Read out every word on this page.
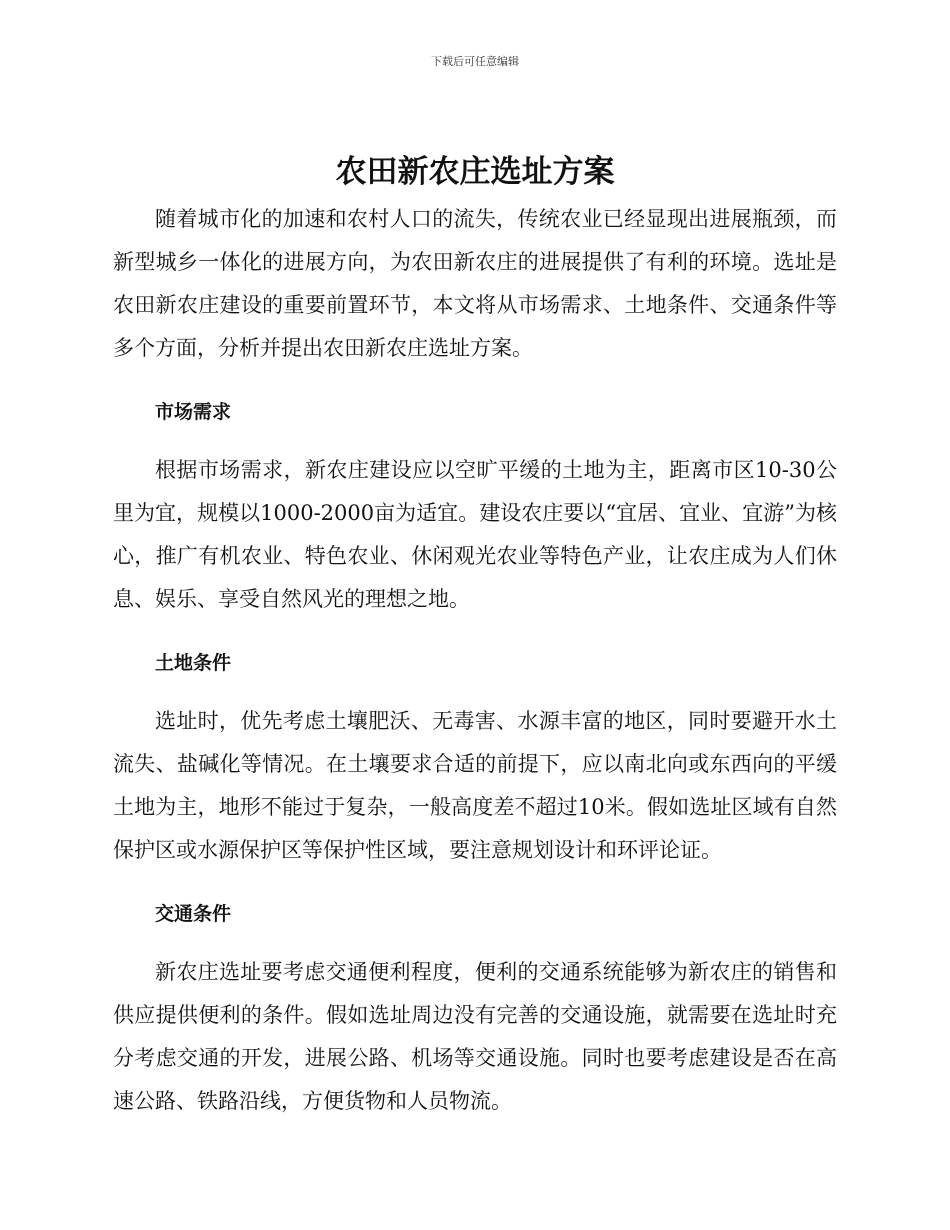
下载后可任意编辑
农田新农庄选址方案

随着城市化的加速和农村人口的流失，传统农业已经显现出进展瓶颈，而新型城乡一体化的进展方向，为农田新农庄的进展提供了有利的环境。选址是农田新农庄建设的重要前置环节，本文将从市场需求、土地条件、交通条件等多个方面，分析并提出农田新农庄选址方案。

市场需求

根据市场需求，新农庄建设应以空旷平缓的土地为主，距离市区10-30公里为宜，规模以1000-2000亩为适宜。建设农庄要以“宜居、宜业、宜游”为核心，推广有机农业、特色农业、休闲观光农业等特色产业，让农庄成为人们休息、娱乐、享受自然风光的理想之地。

土地条件

选址时，优先考虑土壤肥沃、无毒害、水源丰富的地区，同时要避开水土流失、盐碱化等情况。在土壤要求合适的前提下，应以南北向或东西向的平缓土地为主，地形不能过于复杂，一般高度差不超过10米。假如选址区域有自然保护区或水源保护区等保护性区域，要注意规划设计和环评论证。

交通条件

新农庄选址要考虑交通便利程度，便利的交通系统能够为新农庄的销售和供应提供便利的条件。假如选址周边没有完善的交通设施，就需要在选址时充分考虑交通的开发，进展公路、机场等交通设施。同时也要考虑建设是否在高速公路、铁路沿线，方便货物和人员物流。
